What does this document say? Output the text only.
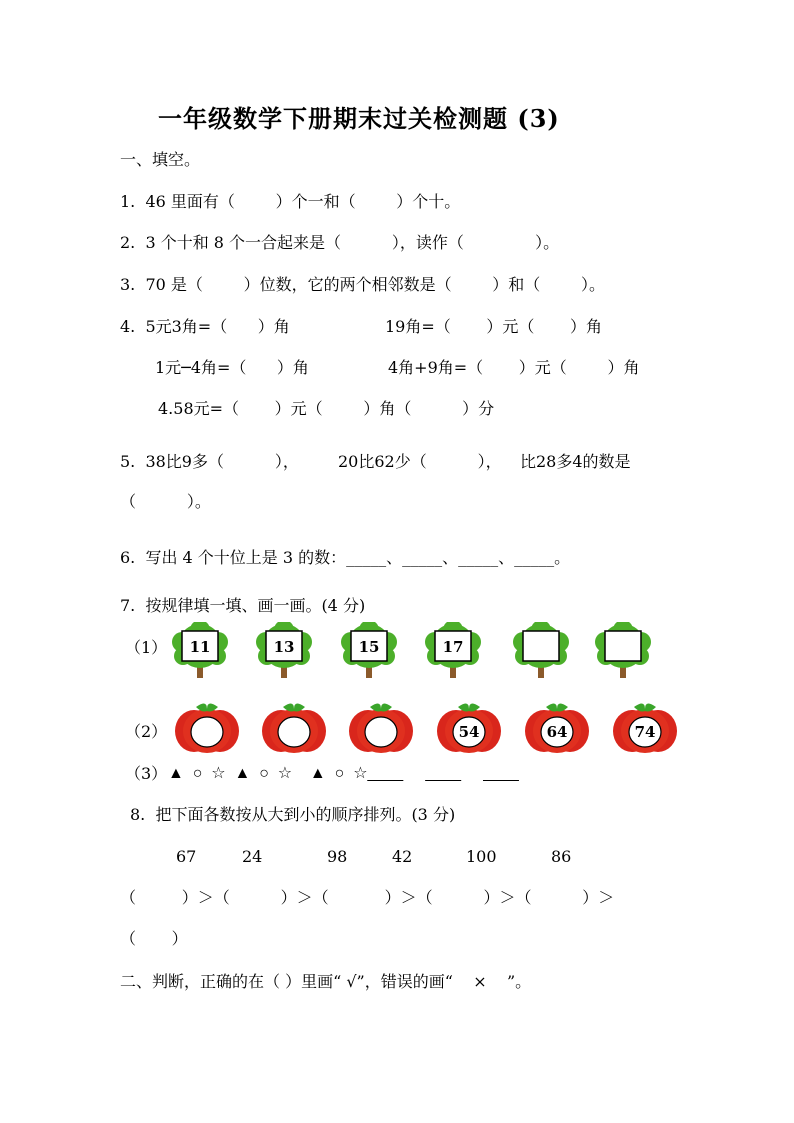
一年级数学下册期末过关检测题 (3)
一、填空。
1.  46 里面有（        ）个一和（        ）个十。
2.  3 个十和 8 个一合起来是（          ），读作（              ）。
3.  70 是（        ）位数，它的两个相邻数是（        ）和（        ）。
4.  5元3角=（      ）角	19角=（       ）元（       ）角
1元─4角=（      ）角	4角+9角=（       ）元（        ）角
4.58元=（       ）元（        ）角（          ）分
5.  38比9多（          ）， 20比62少（          ）， 比28多4的数是
（          ）。
6.  写出 4 个十位上是 3 的数：_____、_____、_____、_____。
7.  按规律填一填、画一画。(4 分)
（1） 11	13	15	17
（2）	54	64	74
（3） ▲  ○  ☆  ▲  ○  ☆    ▲  ○  ☆____     ____     ____
8.  把下面各数按从大到小的顺序排列。(3 分)
67	24	98	42	100	86
（         ）＞（          ）＞（           ）＞（          ）＞（          ）＞
（       ）
二、判断，正确的在（ ）里画“ √”，错误的画“    ×    ”。
